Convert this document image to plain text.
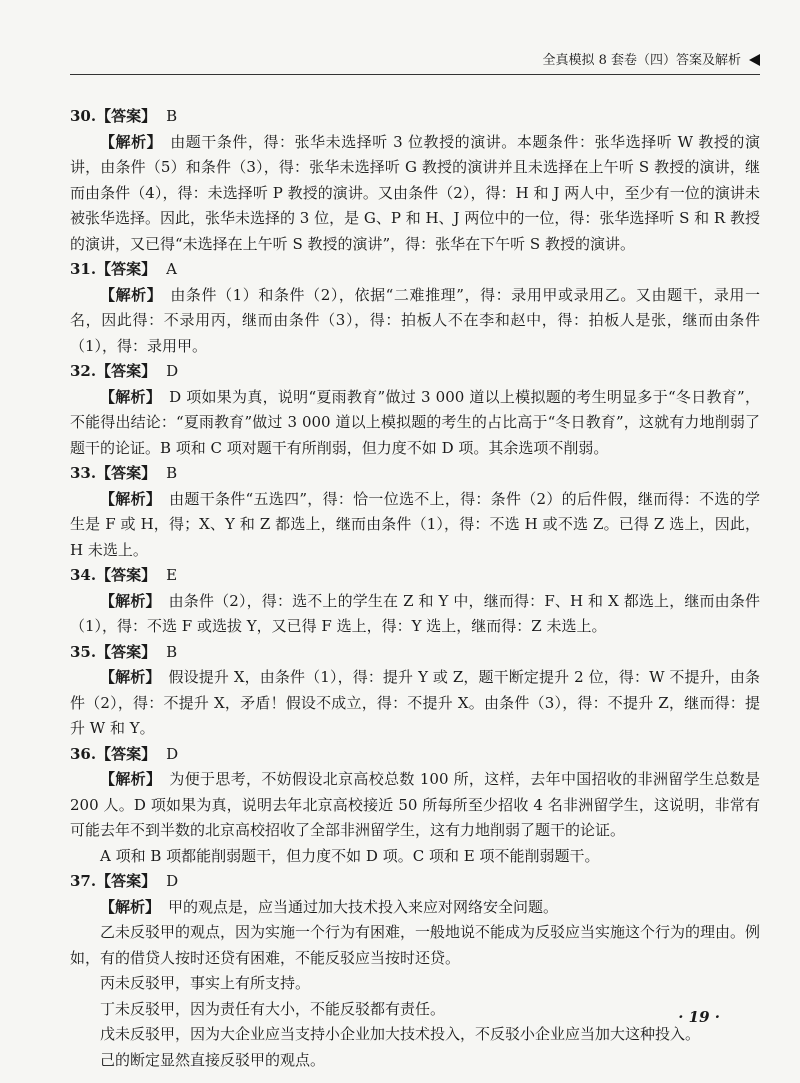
全真模拟 8 套卷（四）答案及解析

30.【答案】 B

【解析】 由题干条件，得：张华未选择听 3 位教授的演讲。本题条件：张华选择听 W 教授的演讲，由条件（5）和条件（3），得：张华未选择听 G 教授的演讲并且未选择在上午听 S 教授的演讲，继而由条件（4），得：未选择听 P 教授的演讲。又由条件（2），得：H 和 J 两人中，至少有一位的演讲未被张华选择。因此，张华未选择的 3 位，是 G、P 和 H、J 两位中的一位，得：张华选择听 S 和 R 教授的演讲，又已得“未选择在上午听 S 教授的演讲”，得：张华在下午听 S 教授的演讲。

31.【答案】 A

【解析】 由条件（1）和条件（2），依据“二难推理”，得：录用甲或录用乙。又由题干，录用一名，因此得：不录用丙，继而由条件（3），得：拍板人不在李和赵中，得：拍板人是张，继而由条件（1），得：录用甲。

32.【答案】 D

【解析】 D 项如果为真，说明“夏雨教育”做过 3 000 道以上模拟题的考生明显多于“冬日教育”，不能得出结论：“夏雨教育”做过 3 000 道以上模拟题的考生的占比高于“冬日教育”，这就有力地削弱了题干的论证。B 项和 C 项对题干有所削弱，但力度不如 D 项。其余选项不削弱。

33.【答案】 B

【解析】 由题干条件“五选四”，得：恰一位选不上，得：条件（2）的后件假，继而得：不选的学生是 F 或 H，得；X、Y 和 Z 都选上，继而由条件（1），得：不选 H 或不选 Z。已得 Z 选上，因此，H 未选上。

34.【答案】 E

【解析】 由条件（2），得：选不上的学生在 Z 和 Y 中，继而得：F、H 和 X 都选上，继而由条件（1），得：不选 F 或选拔 Y，又已得 F 选上，得：Y 选上，继而得：Z 未选上。

35.【答案】 B

【解析】 假设提升 X，由条件（1），得：提升 Y 或 Z，题干断定提升 2 位，得：W 不提升，由条件（2），得：不提升 X，矛盾！假设不成立，得：不提升 X。由条件（3），得：不提升 Z，继而得：提升 W 和 Y。

36.【答案】 D

【解析】 为便于思考，不妨假设北京高校总数 100 所，这样，去年中国招收的非洲留学生总数是 200 人。D 项如果为真，说明去年北京高校接近 50 所每所至少招收 4 名非洲留学生，这说明，非常有可能去年不到半数的北京高校招收了全部非洲留学生，这有力地削弱了题干的论证。

A 项和 B 项都能削弱题干，但力度不如 D 项。C 项和 E 项不能削弱题干。

37.【答案】 D

【解析】 甲的观点是，应当通过加大技术投入来应对网络安全问题。

乙未反驳甲的观点，因为实施一个行为有困难，一般地说不能成为反驳应当实施这个行为的理由。例如，有的借贷人按时还贷有困难，不能反驳应当按时还贷。

丙未反驳甲，事实上有所支持。

丁未反驳甲，因为责任有大小，不能反驳都有责任。

戊未反驳甲，因为大企业应当支持小企业加大技术投入，不反驳小企业应当加大这种投入。

己的断定显然直接反驳甲的观点。

· 19 ·
